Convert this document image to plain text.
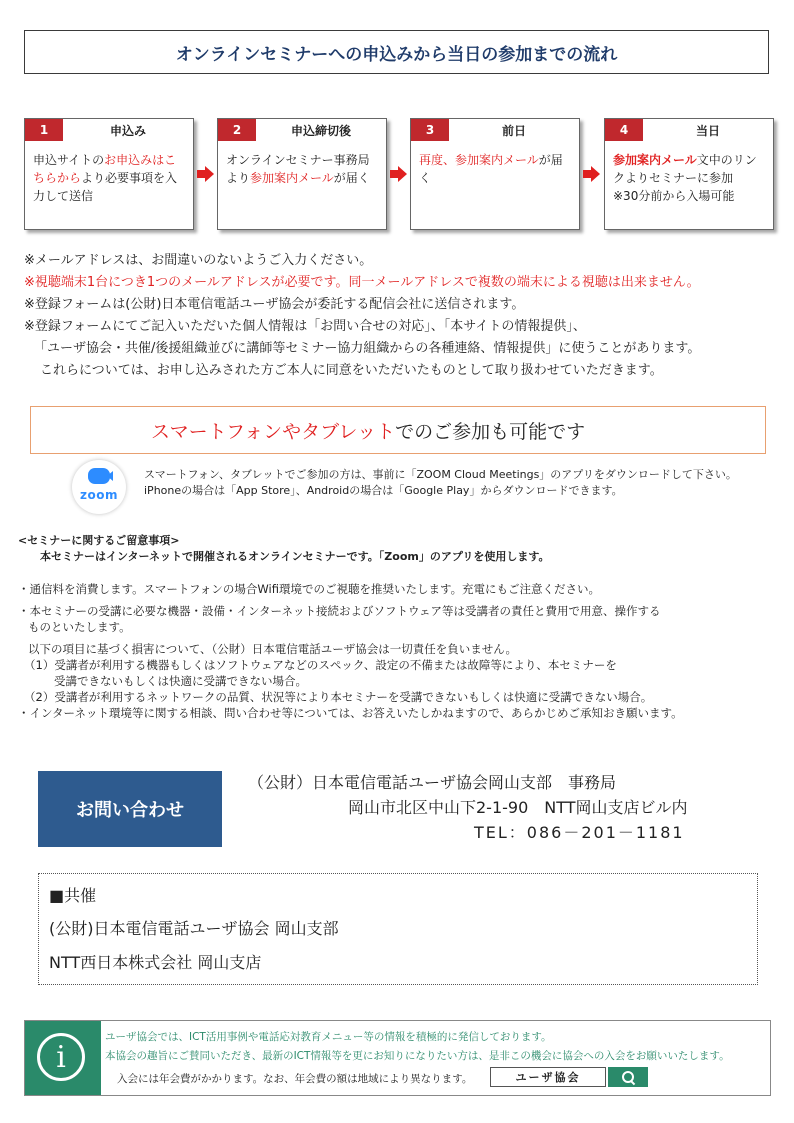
オンラインセミナーへの申込みから当日の参加までの流れ
1	申込み
申込サイトのお申込みはこちらからより必要事項を入力して送信
2	申込締切後
オンラインセミナー事務局より参加案内メールが届く
3	前日
再度、参加案内メールが届く
4	当日
参加案内メール文中のリンクよりセミナーに参加
※30分前から入場可能
※メールアドレスは、お間違いのないようご入力ください。
※視聴端末1台につき1つのメールアドレスが必要です。同一メールアドレスで複数の端末による視聴は出来ません。
※登録フォームは(公財)日本電信電話ユーザ協会が委託する配信会社に送信されます。
※登録フォームにてご記入いただいた個人情報は「お問い合せの対応」、「本サイトの情報提供」、
「ユーザ協会・共催/後援組織並びに講師等セミナー協力組織からの各種連絡、情報提供」に使うことがあります。
これらについては、お申し込みされた方ご本人に同意をいただいたものとして取り扱わせていただきます。
スマートフォンやタブレット でのご参加も可能です
zoom
スマートフォン、タブレットでご参加の方は、事前に「ZOOM Cloud Meetings」のアプリをダウンロードして下さい。
iPhoneの場合は「App Store」、Androidの場合は「Google Play」からダウンロードできます。
<セミナーに関するご留意事項>
本セミナーはインターネットで開催されるオンラインセミナーです。「Zoom」のアプリを使用します。
・通信料を消費します。スマートフォンの場合Wifi環境でのご視聴を推奨いたします。充電にもご注意ください。
・本セミナーの受講に必要な機器・設備・インターネット接続およびソフトウェア等は受講者の責任と費用で用意、操作する
ものといたします。
以下の項目に基づく損害について、（公財）日本電信電話ユーザ協会は一切責任を負いません。
（1）受講者が利用する機器もしくはソフトウェアなどのスペック、設定の不備または故障等により、本セミナーを
受講できないもしくは快適に受講できない場合。
（2）受講者が利用するネットワークの品質、状況等により本セミナーを受講できないもしくは快適に受講できない場合。
・インターネット環境等に関する相談、問い合わせ等については、お答えいたしかねますので、あらかじめご承知おき願います。
お問い合わせ
（公財）日本電信電話ユーザ協会岡山支部　事務局
岡山市北区中山下2-1-90　NTT岡山支店ビル内
TEL：086－201－1181
■共催
(公財)日本電信電話ユーザ協会 岡山支部
NTT西日本株式会社 岡山支店
i
ユーザ協会では、ICT活用事例や電話応対教育メニュー等の情報を積極的に発信しております。
本協会の趣旨にご賛同いただき、最新のICT情報等を更にお知りになりたい方は、是非この機会に協会への入会をお願いいたします。
入会には年会費がかかります。なお、年会費の額は地域により異なります。	ユーザ協会
